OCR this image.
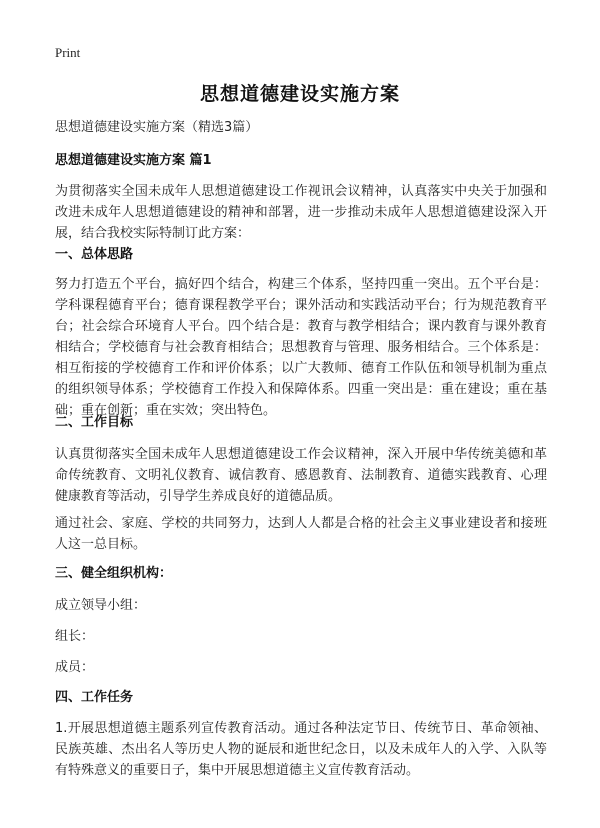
Print
思想道德建设实施方案
思想道德建设实施方案（精选3篇）
思想道德建设实施方案 篇1
为贯彻落实全国未成年人思想道德建设工作视讯会议精神，认真落实中央关于加强和改进未成年人思想道德建设的精神和部署，进一步推动未成年人思想道德建设深入开展，结合我校实际特制订此方案：
一、总体思路
努力打造五个平台，搞好四个结合，构建三个体系，坚持四重一突出。五个平台是：学科课程德育平台；德育课程教学平台；课外活动和实践活动平台；行为规范教育平台；社会综合环境育人平台。四个结合是：教育与教学相结合；课内教育与课外教育相结合；学校德育与社会教育相结合；思想教育与管理、服务相结合。三个体系是：相互衔接的学校德育工作和评价体系；以广大教师、德育工作队伍和领导机制为重点的组织领导体系；学校德育工作投入和保障体系。四重一突出是：重在建设；重在基础；重在创新；重在实效；突出特色。
二、工作目标
认真贯彻落实全国未成年人思想道德建设工作会议精神，深入开展中华传统美德和革命传统教育、文明礼仪教育、诚信教育、感恩教育、法制教育、道德实践教育、心理健康教育等活动，引导学生养成良好的道德品质。
通过社会、家庭、学校的共同努力，达到人人都是合格的社会主义事业建设者和接班人这一总目标。
三、健全组织机构：
成立领导小组：
组长：
成员：
四、工作任务
1.开展思想道德主题系列宣传教育活动。通过各种法定节日、传统节日、革命领袖、民族英雄、杰出名人等历史人物的诞辰和逝世纪念日，以及未成年人的入学、入队等有特殊意义的重要日子，集中开展思想道德主义宣传教育活动。
